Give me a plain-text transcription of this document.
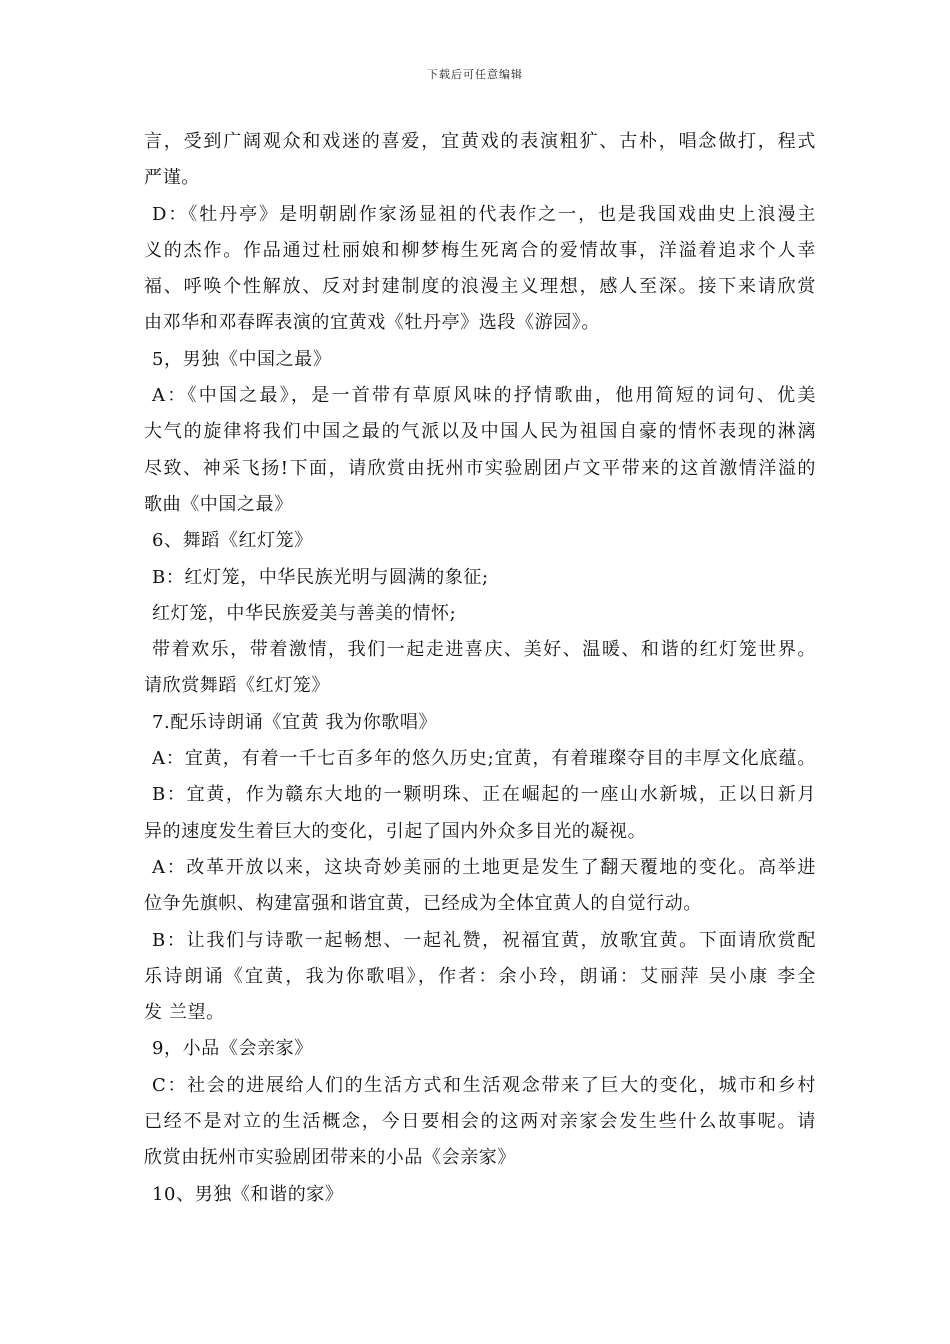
下载后可任意编辑
言，受到广阔观众和戏迷的喜爱，宜黄戏的表演粗犷、古朴，唱念做打，程式
严谨。
D：《牡丹亭》是明朝剧作家汤显祖的代表作之一，也是我国戏曲史上浪漫主
义的杰作。作品通过杜丽娘和柳梦梅生死离合的爱情故事，洋溢着追求个人幸
福、呼唤个性解放、反对封建制度的浪漫主义理想，感人至深。接下来请欣赏
由邓华和邓春晖表演的宜黄戏《牡丹亭》选段《游园》。
5，男独《中国之最》
A：《中国之最》，是一首带有草原风味的抒情歌曲，他用简短的词句、优美
大气的旋律将我们中国之最的气派以及中国人民为祖国自豪的情怀表现的淋漓
尽致、神采飞扬!下面，请欣赏由抚州市实验剧团卢文平带来的这首激情洋溢的
歌曲《中国之最》
6、舞蹈《红灯笼》
B：红灯笼，中华民族光明与圆满的象征;
红灯笼，中华民族爱美与善美的情怀;
带着欢乐，带着激情，我们一起走进喜庆、美好、温暖、和谐的红灯笼世界。
请欣赏舞蹈《红灯笼》
7.配乐诗朗诵《宜黄 我为你歌唱》
A：宜黄，有着一千七百多年的悠久历史;宜黄，有着璀璨夺目的丰厚文化底蕴。
B：宜黄，作为赣东大地的一颗明珠、正在崛起的一座山水新城，正以日新月
异的速度发生着巨大的变化，引起了国内外众多目光的凝视。
A：改革开放以来，这块奇妙美丽的土地更是发生了翻天覆地的变化。高举进
位争先旗帜、构建富强和谐宜黄，已经成为全体宜黄人的自觉行动。
B：让我们与诗歌一起畅想、一起礼赞，祝福宜黄，放歌宜黄。下面请欣赏配
乐诗朗诵《宜黄，我为你歌唱》，作者：余小玲，朗诵：艾丽萍 吴小康 李全
发 兰望。
9，小品《会亲家》
C：社会的进展给人们的生活方式和生活观念带来了巨大的变化，城市和乡村
已经不是对立的生活概念，今日要相会的这两对亲家会发生些什么故事呢。请
欣赏由抚州市实验剧团带来的小品《会亲家》
10、男独《和谐的家》
